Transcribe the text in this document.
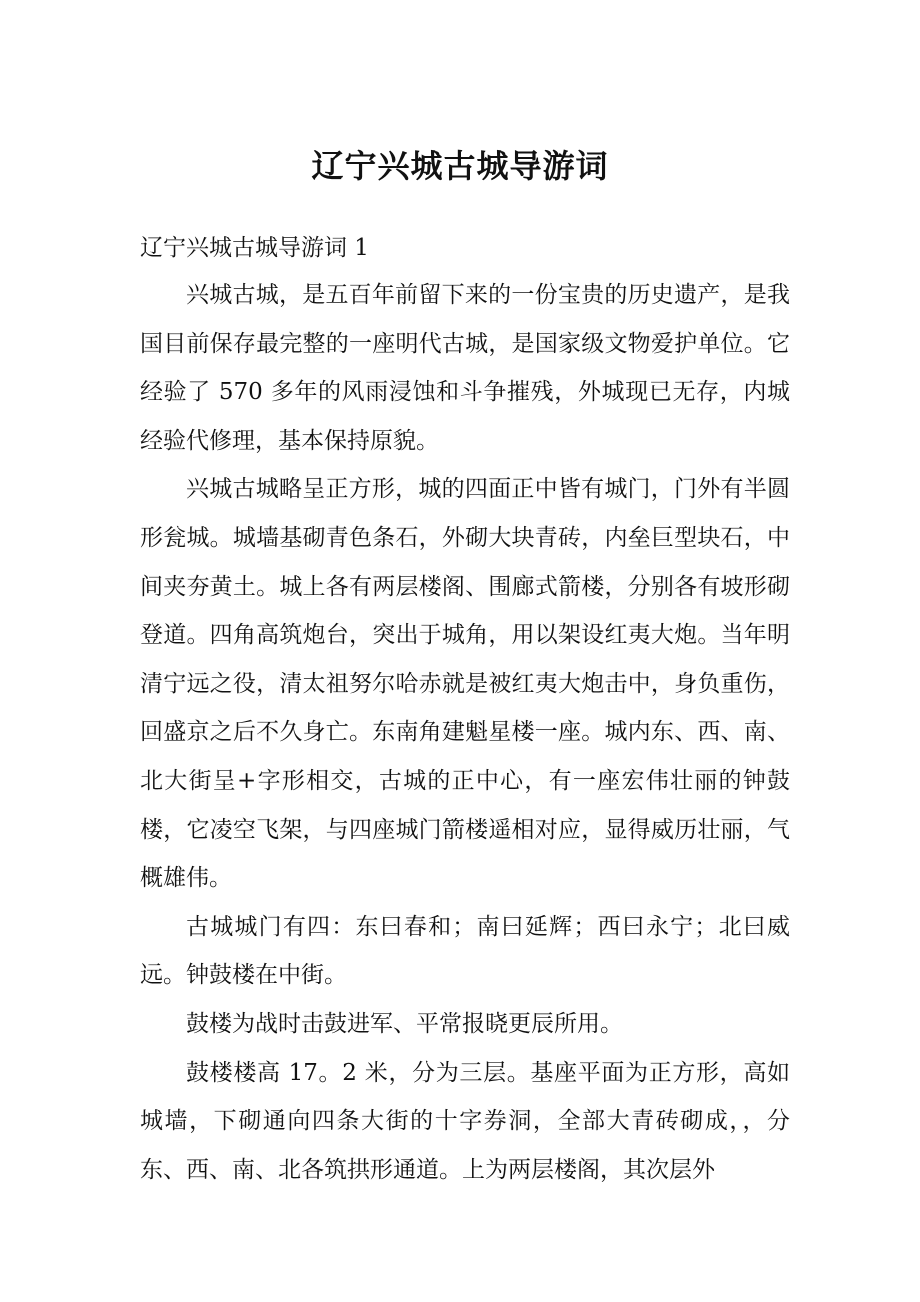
辽宁兴城古城导游词
辽宁兴城古城导游词 1

兴城古城，是五百年前留下来的一份宝贵的历史遗产，是我国目前保存最完整的一座明代古城，是国家级文物爱护单位。它经验了 570 多年的风雨浸蚀和斗争摧残，外城现已无存，内城经验代修理，基本保持原貌。

兴城古城略呈正方形，城的四面正中皆有城门，门外有半圆形瓮城。城墙基砌青色条石，外砌大块青砖，内垒巨型块石，中间夹夯黄土。城上各有两层楼阁、围廊式箭楼，分别各有坡形砌登道。四角高筑炮台，突出于城角，用以架设红夷大炮。当年明清宁远之役，清太祖努尔哈赤就是被红夷大炮击中，身负重伤，回盛京之后不久身亡。东南角建魁星楼一座。城内东、西、南、北大街呈+字形相交，古城的正中心，有一座宏伟壮丽的钟鼓楼，它凌空飞架，与四座城门箭楼遥相对应，显得威历壮丽，气概雄伟。

古城城门有四：东曰春和；南曰延辉；西曰永宁；北曰威远。钟鼓楼在中街。

鼓楼为战时击鼓进军、平常报晓更辰所用。

鼓楼楼高 17。2 米，分为三层。基座平面为正方形，高如城墙，下砌通向四条大街的十字券洞，全部大青砖砌成，，分东、西、南、北各筑拱形通道。上为两层楼阁，其次层外
